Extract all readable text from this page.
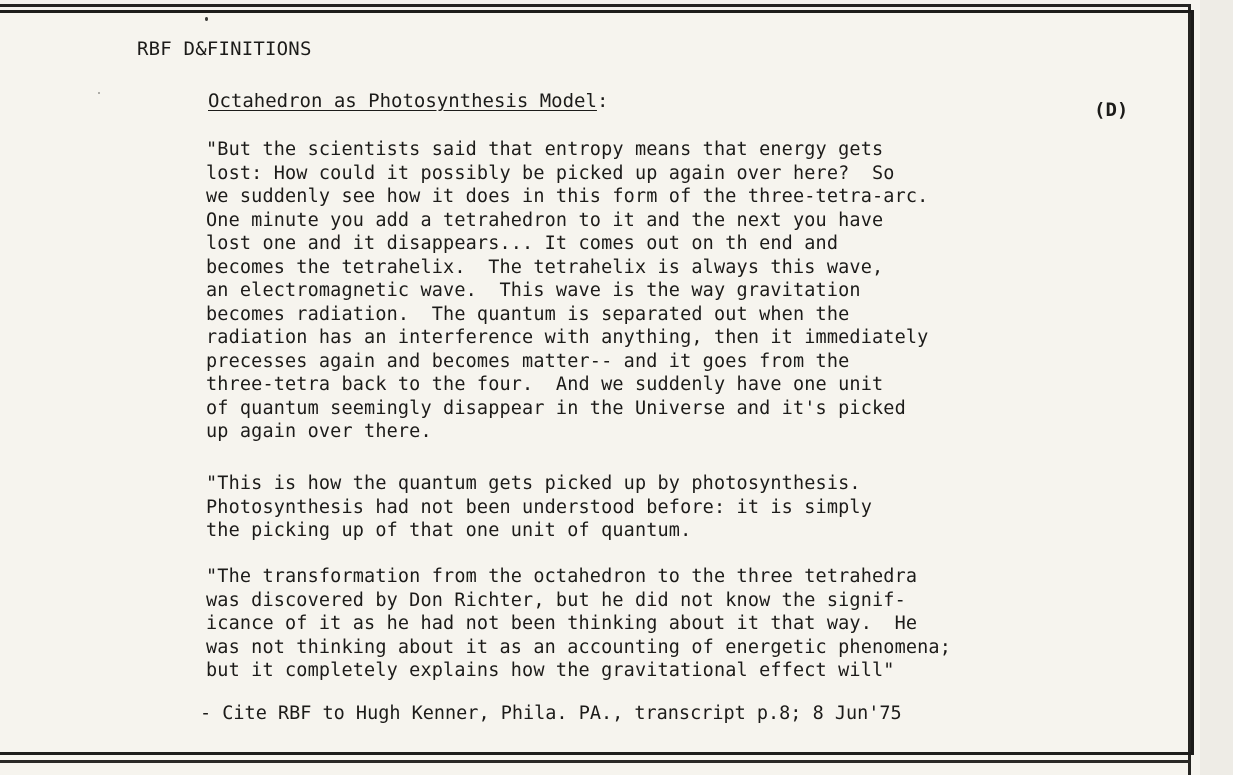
RBF D&FINITIONS
Octahedron as Photosynthesis Model:	(D)
"But the scientists said that entropy means that energy gets
lost: How could it possibly be picked up again over here?  So
we suddenly see how it does in this form of the three-tetra-arc.
One minute you add a tetrahedron to it and the next you have
lost one and it disappears... It comes out on th end and
becomes the tetrahelix.  The tetrahelix is always this wave,
an electromagnetic wave.  This wave is the way gravitation
becomes radiation.  The quantum is separated out when the
radiation has an interference with anything, then it immediately
precesses again and becomes matter-- and it goes from the
three-tetra back to the four.  And we suddenly have one unit
of quantum seemingly disappear in the Universe and it's picked
up again over there.
"This is how the quantum gets picked up by photosynthesis.
Photosynthesis had not been understood before: it is simply
the picking up of that one unit of quantum.
"The transformation from the octahedron to the three tetrahedra
was discovered by Don Richter, but he did not know the signif-
icance of it as he had not been thinking about it that way.  He
was not thinking about it as an accounting of energetic phenomena;
but it completely explains how the gravitational effect will"
- Cite RBF to Hugh Kenner, Phila. PA., transcript p.8; 8 Jun'75
